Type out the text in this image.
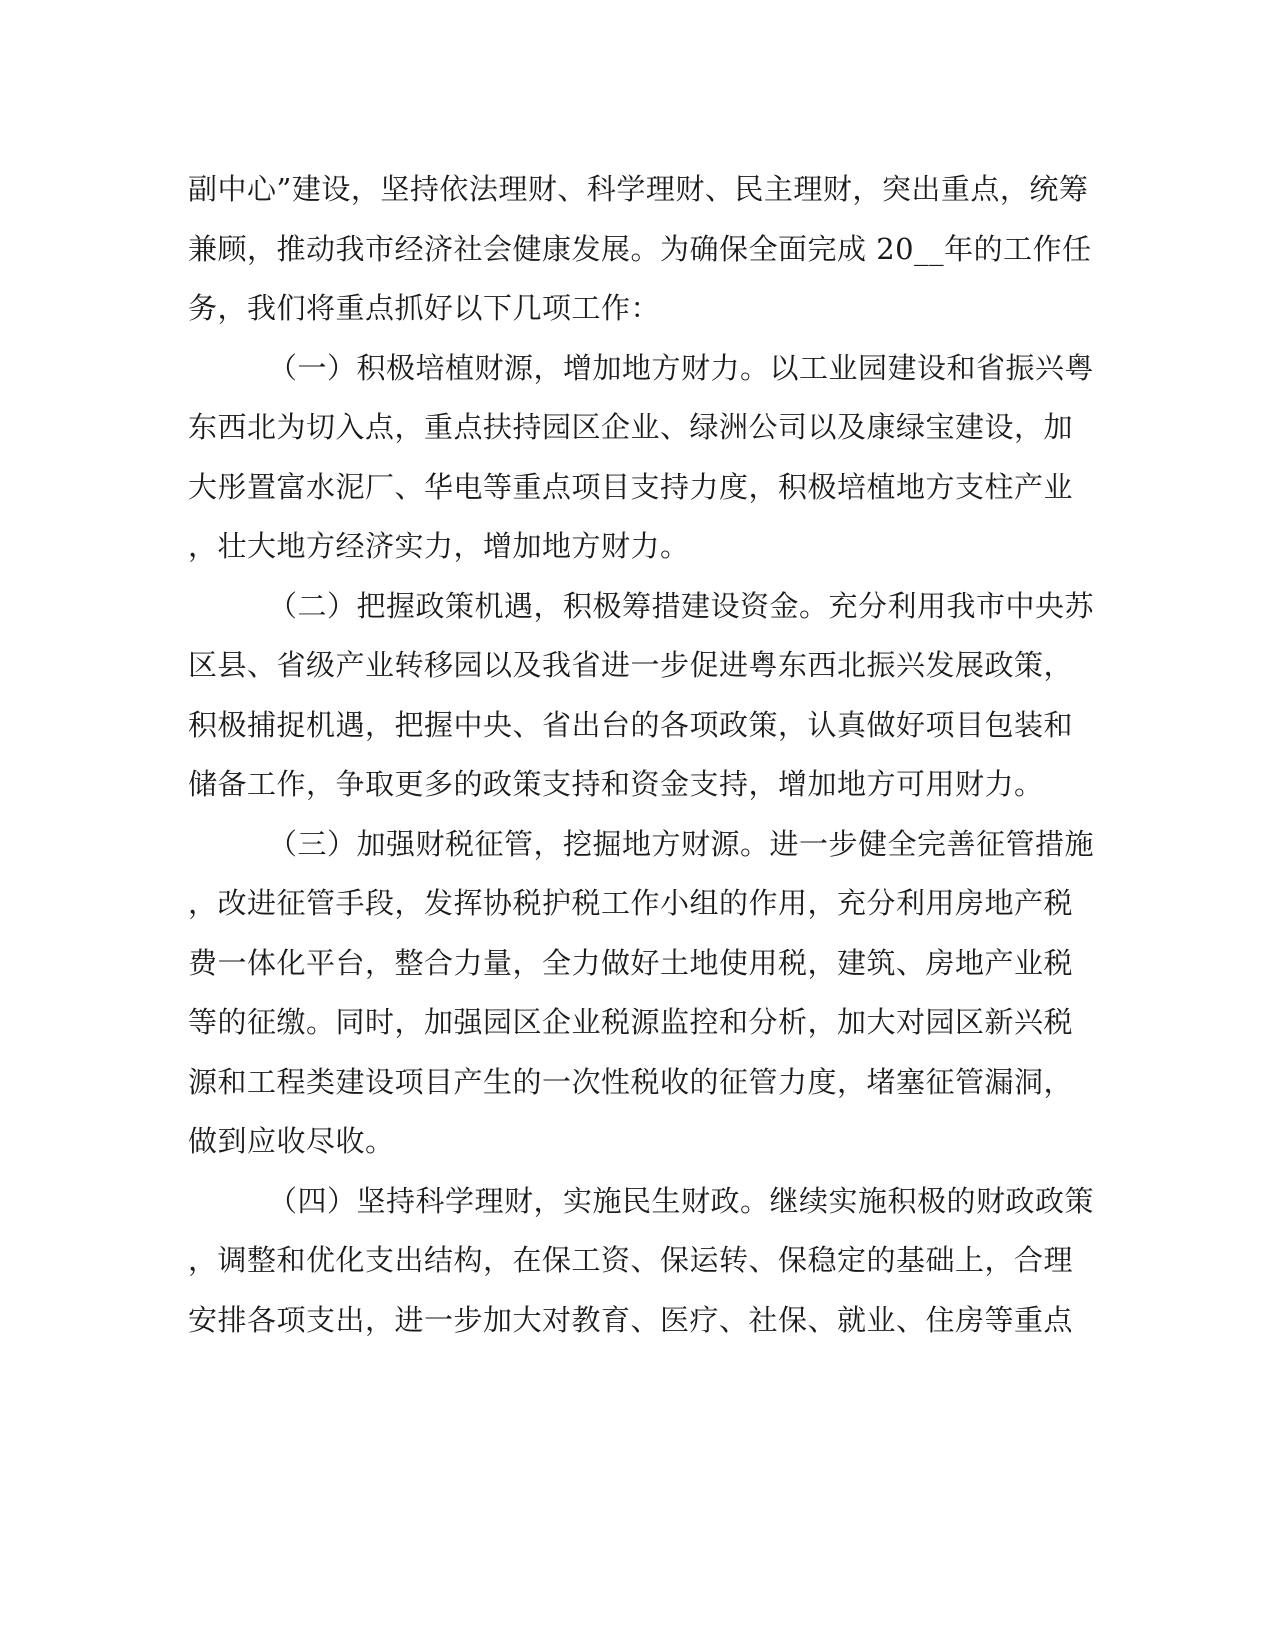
副中心”建设，坚持依法理财、科学理财、民主理财，突出重点，统筹
兼顾，推动我市经济社会健康发展。为确保全面完成 20__年的工作任
务，我们将重点抓好以下几项工作：
（一）积极培植财源，增加地方财力。以工业园建设和省振兴粤
东西北为切入点，重点扶持园区企业、绿洲公司以及康绿宝建设，加
大彤置富水泥厂、华电等重点项目支持力度，积极培植地方支柱产业
，壮大地方经济实力，增加地方财力。
（二）把握政策机遇，积极筹措建设资金。充分利用我市中央苏
区县、省级产业转移园以及我省进一步促进粤东西北振兴发展政策，
积极捕捉机遇，把握中央、省出台的各项政策，认真做好项目包装和
储备工作，争取更多的政策支持和资金支持，增加地方可用财力。
（三）加强财税征管，挖掘地方财源。进一步健全完善征管措施
，改进征管手段，发挥协税护税工作小组的作用，充分利用房地产税
费一体化平台，整合力量，全力做好土地使用税，建筑、房地产业税
等的征缴。同时，加强园区企业税源监控和分析，加大对园区新兴税
源和工程类建设项目产生的一次性税收的征管力度，堵塞征管漏洞，
做到应收尽收。
（四）坚持科学理财，实施民生财政。继续实施积极的财政政策
，调整和优化支出结构，在保工资、保运转、保稳定的基础上，合理
安排各项支出，进一步加大对教育、医疗、社保、就业、住房等重点
